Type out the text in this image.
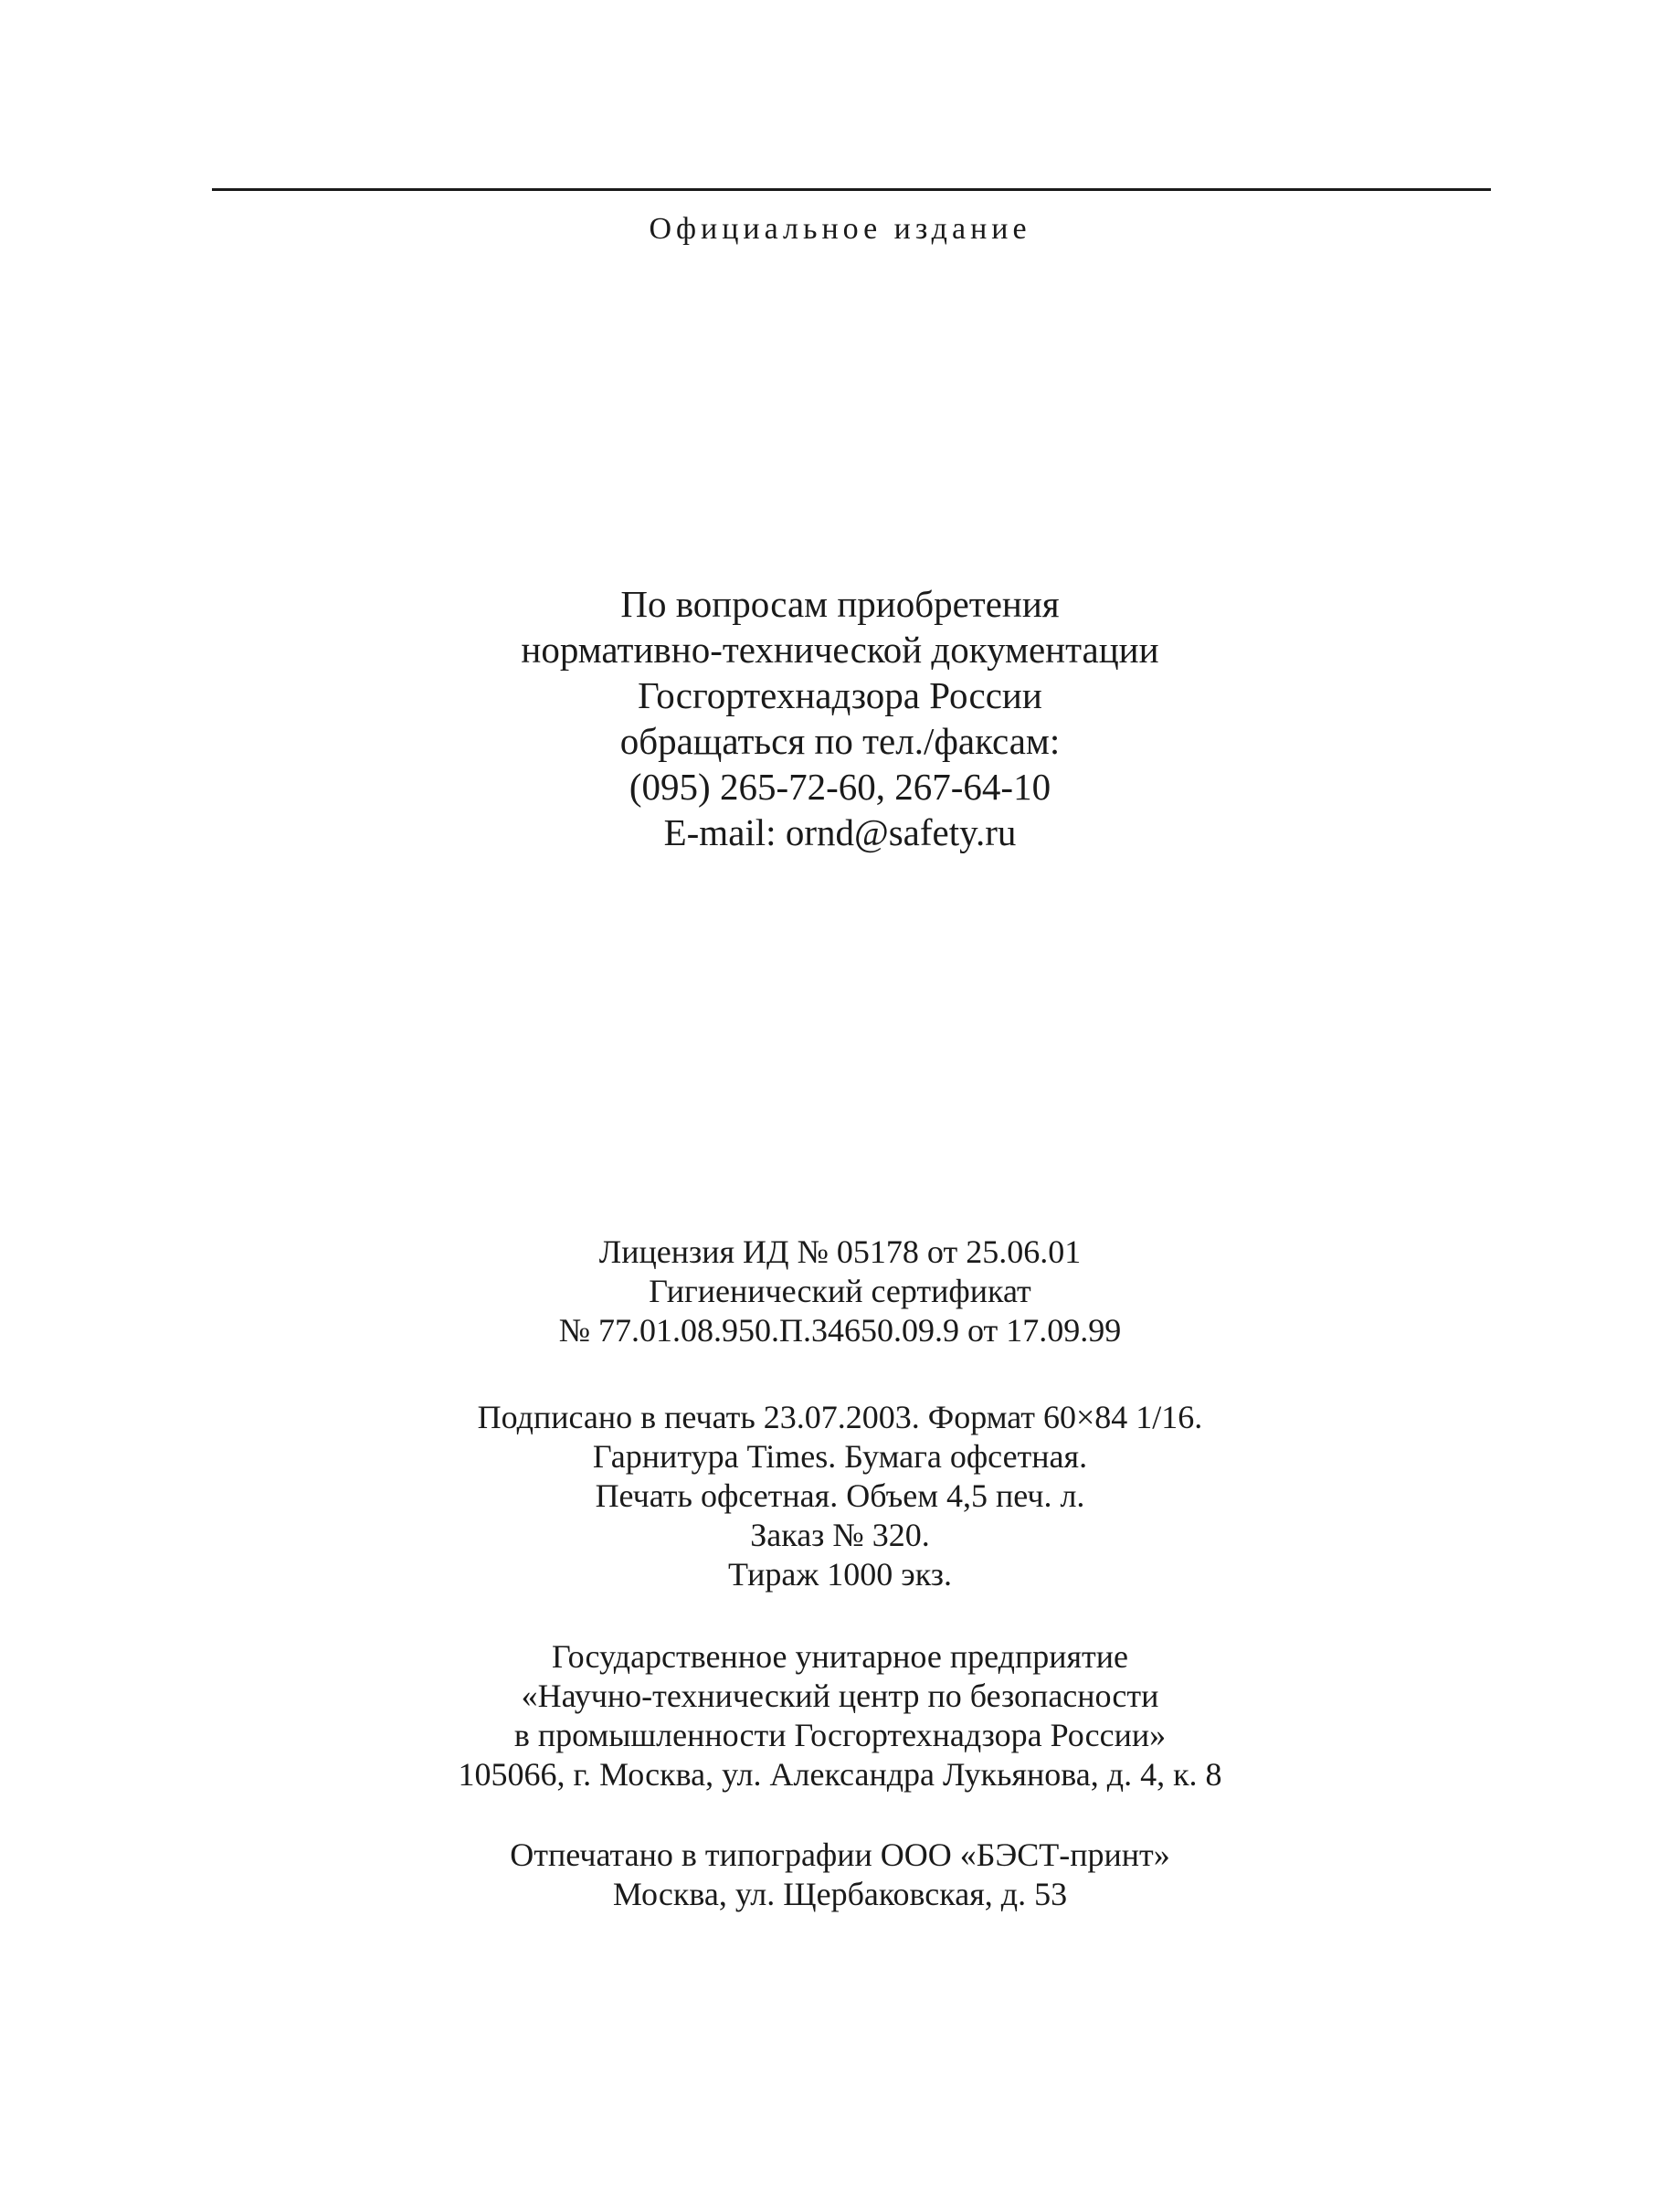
Официальное издание
По вопросам приобретения
нормативно-технической документации
Госгортехнадзора России
обращаться по тел./факсам:
(095) 265-72-60, 267-64-10
E-mail: ornd@safety.ru
Лицензия ИД № 05178 от 25.06.01
Гигиенический сертификат
№ 77.01.08.950.П.34650.09.9 от 17.09.99
Подписано в печать 23.07.2003. Формат 60×84 1/16.
Гарнитура Times. Бумага офсетная.
Печать офсетная. Объем 4,5 печ. л.
Заказ № 320.
Тираж 1000 экз.
Государственное унитарное предприятие
«Научно-технический центр по безопасности
в промышленности Госгортехнадзора России»
105066, г. Москва, ул. Александра Лукьянова, д. 4, к. 8
Отпечатано в типографии ООО «БЭСТ-принт»
Москва, ул. Щербаковская, д. 53
